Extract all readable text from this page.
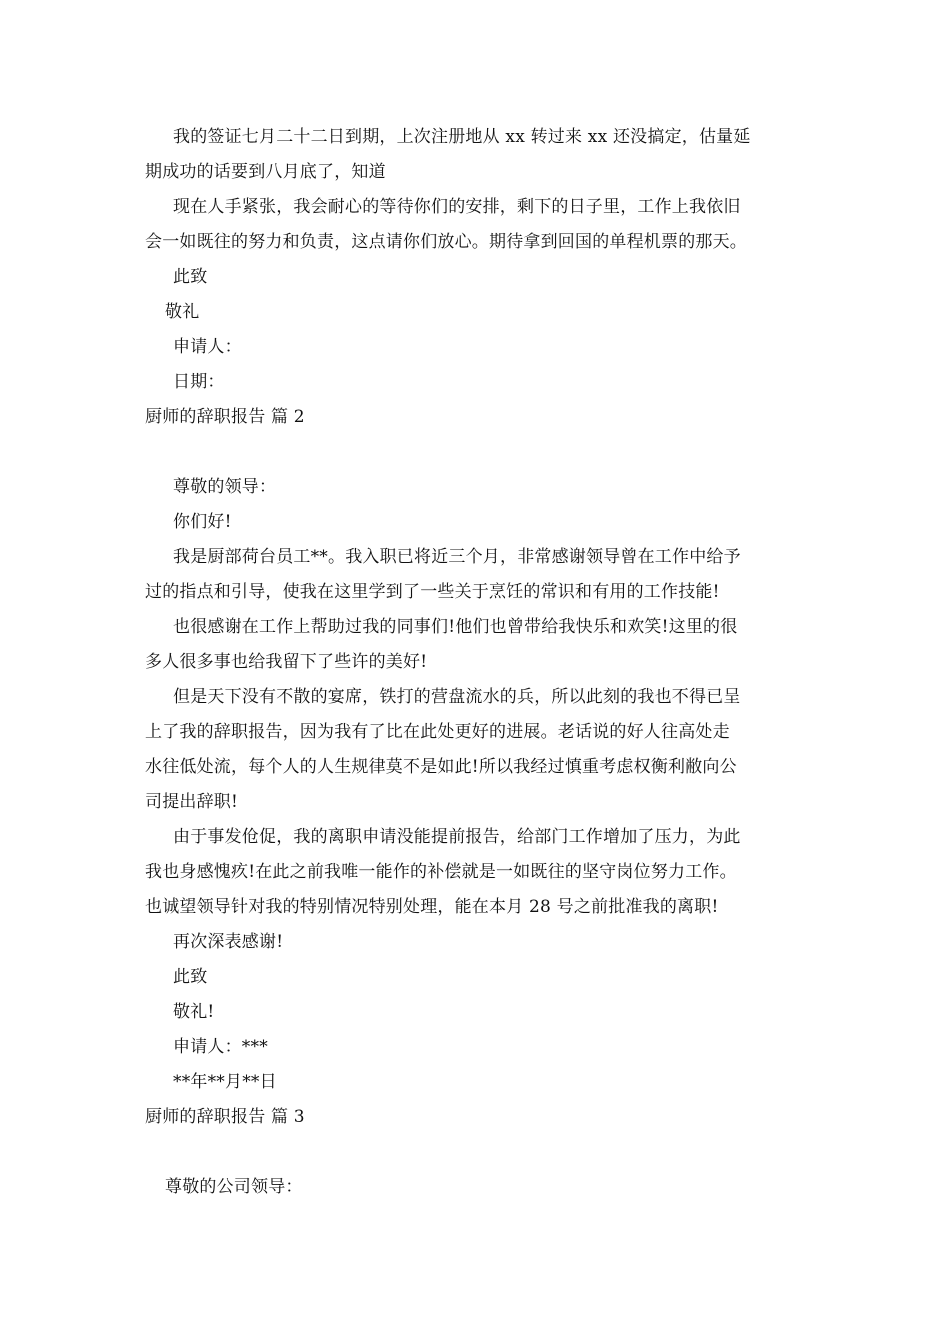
我的签证七月二十二日到期，上次注册地从 xx 转过来 xx 还没搞定，估量延
期成功的话要到八月底了，知道
现在人手紧张，我会耐心的等待你们的安排，剩下的日子里，工作上我依旧
会一如既往的努力和负责，这点请你们放心。期待拿到回国的单程机票的那天。
此致
敬礼
申请人：
日期：
厨师的辞职报告 篇 2
尊敬的领导：
你们好!
我是厨部荷台员工**。我入职已将近三个月，非常感谢领导曾在工作中给予
过的指点和引导，使我在这里学到了一些关于烹饪的常识和有用的工作技能!
也很感谢在工作上帮助过我的同事们!他们也曾带给我快乐和欢笑!这里的很
多人很多事也给我留下了些许的美好!
但是天下没有不散的宴席，铁打的营盘流水的兵，所以此刻的我也不得已呈
上了我的辞职报告，因为我有了比在此处更好的进展。老话说的好人往高处走
水往低处流，每个人的人生规律莫不是如此!所以我经过慎重考虑权衡利敝向公
司提出辞职!
由于事发伧促，我的离职申请没能提前报告，给部门工作增加了压力，为此
我也身感愧疚!在此之前我唯一能作的补偿就是一如既往的坚守岗位努力工作。
也诚望领导针对我的特别情况特别处理，能在本月 28 号之前批准我的离职!
再次深表感谢!
此致
敬礼!
申请人：***
**年**月**日
厨师的辞职报告 篇 3
尊敬的公司领导：
